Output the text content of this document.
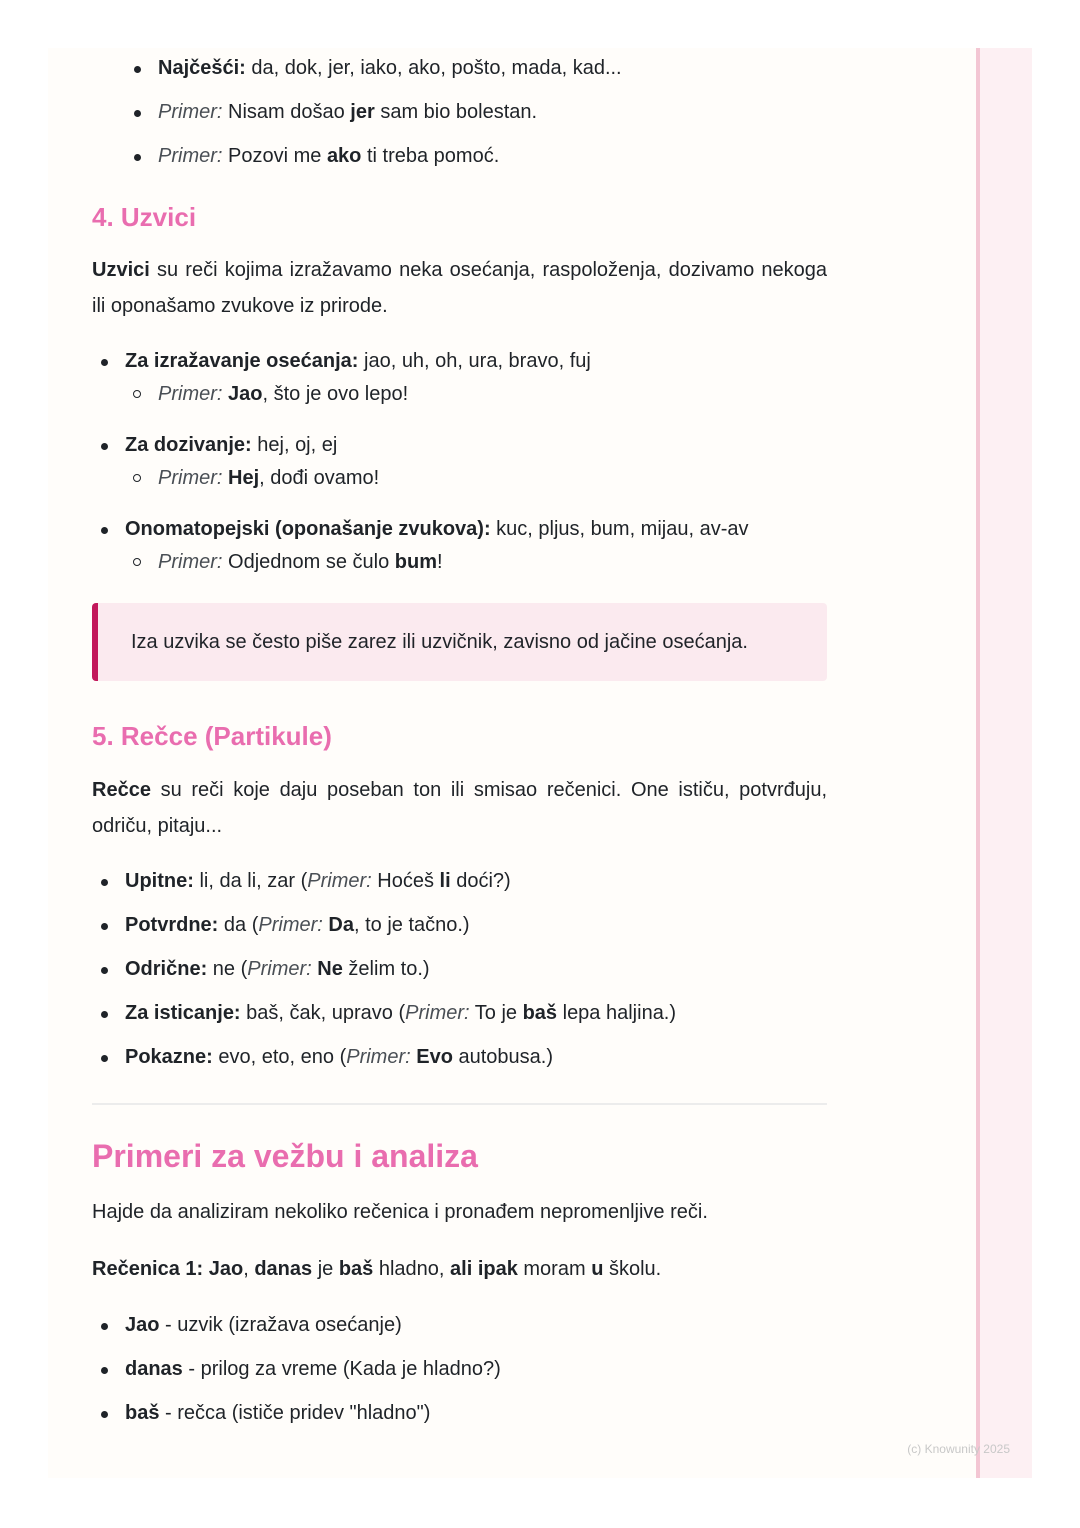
(c) Knowunity 2025
Najčešći: da, dok, jer, iako, ako, pošto, mada, kad...
Primer: Nisam došao jer sam bio bolestan.
Primer: Pozovi me ako ti treba pomoć.
4. Uzvici

Uzvici su reči kojima izražavamo neka osećanja, raspoloženja, dozivamo nekoga ili oponašamo zvukove iz prirode.

Za izražavanje osećanja: jao, uh, oh, ura, bravo, fuj
Primer: Jao, što je ovo lepo!
Za dozivanje: hej, oj, ej
Primer: Hej, dođi ovamo!
Onomatopejski (oponašanje zvukova): kuc, pljus, bum, mijau, av-av
Primer: Odjednom se čulo bum!
Iza uzvika se često piše zarez ili uzvičnik, zavisno od jačine osećanja.
5. Rečce (Partikule)

Rečce su reči koje daju poseban ton ili smisao rečenici. One ističu, potvrđuju, odriču, pitaju...

Upitne: li, da li, zar (Primer: Hoćeš li doći?)
Potvrdne: da (Primer: Da, to je tačno.)
Odrične: ne (Primer: Ne želim to.)
Za isticanje: baš, čak, upravo (Primer: To je baš lepa haljina.)
Pokazne: evo, eto, eno (Primer: Evo autobusa.)
Primeri za vežbu i analiza

Hajde da analiziram nekoliko rečenica i pronađem nepromenljive reči.

Rečenica 1: Jao, danas je baš hladno, ali ipak moram u školu.

Jao - uzvik (izražava osećanje)
danas - prilog za vreme (Kada je hladno?)
baš - rečca (ističe pridev "hladno")
